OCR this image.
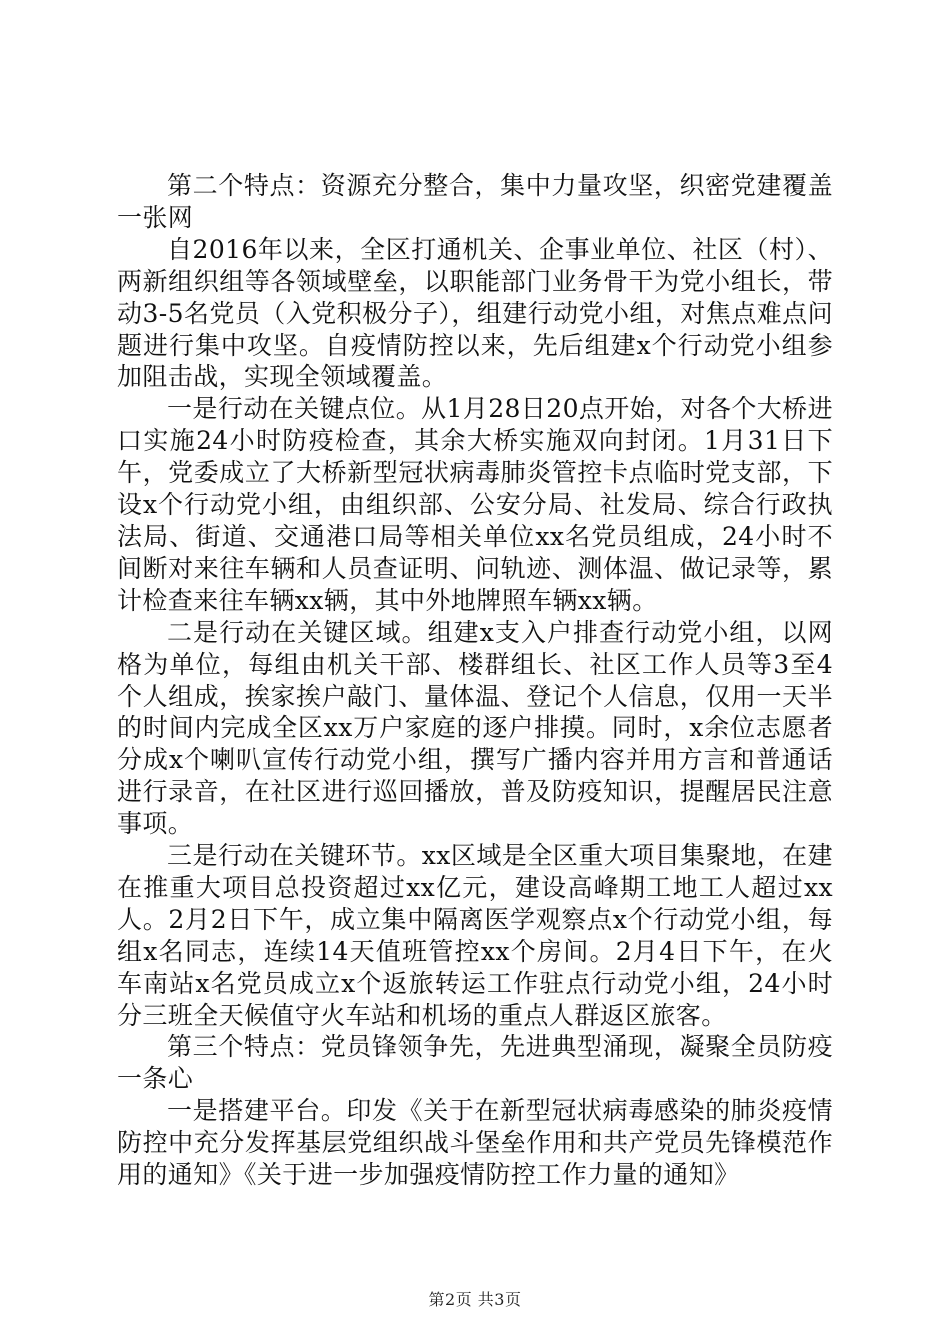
第二个特点：资源充分整合，集中力量攻坚，织密党建覆盖一张网

自2016年以来，全区打通机关、企事业单位、社区（村）、两新组织组等各领域壁垒，以职能部门业务骨干为党小组长，带动3-5名党员（入党积极分子），组建行动党小组，对焦点难点问题进行集中攻坚。自疫情防控以来，先后组建x个行动党小组参加阻击战，实现全领域覆盖。

一是行动在关键点位。从1月28日20点开始，对各个大桥进口实施24小时防疫检查，其余大桥实施双向封闭。1月31日下午，党委成立了大桥新型冠状病毒肺炎管控卡点临时党支部，下设x个行动党小组，由组织部、公安分局、社发局、综合行政执法局、街道、交通港口局等相关单位xx名党员组成，24小时不间断对来往车辆和人员查证明、问轨迹、测体温、做记录等，累计检查来往车辆xx辆，其中外地牌照车辆xx辆。

二是行动在关键区域。组建x支入户排查行动党小组，以网格为单位，每组由机关干部、楼群组长、社区工作人员等3至4个人组成，挨家挨户敲门、量体温、登记个人信息，仅用一天半的时间内完成全区xx万户家庭的逐户排摸。同时，x余位志愿者分成x个喇叭宣传行动党小组，撰写广播内容并用方言和普通话进行录音，在社区进行巡回播放，普及防疫知识，提醒居民注意事项。

三是行动在关键环节。xx区域是全区重大项目集聚地，在建在推重大项目总投资超过xx亿元，建设高峰期工地工人超过xx人。2月2日下午，成立集中隔离医学观察点x个行动党小组，每组x名同志，连续14天值班管控xx个房间。2月4日下午，在火车南站x名党员成立x个返旅转运工作驻点行动党小组，24小时分三班全天候值守火车站和机场的重点人群返区旅客。

第三个特点：党员锋领争先，先进典型涌现，凝聚全员防疫一条心

一是搭建平台。印发《关于在新型冠状病毒感染的肺炎疫情防控中充分发挥基层党组织战斗堡垒作用和共产党员先锋模范作用的通知》《关于进一步加强疫情防控工作力量的通知》

第2页 共3页
